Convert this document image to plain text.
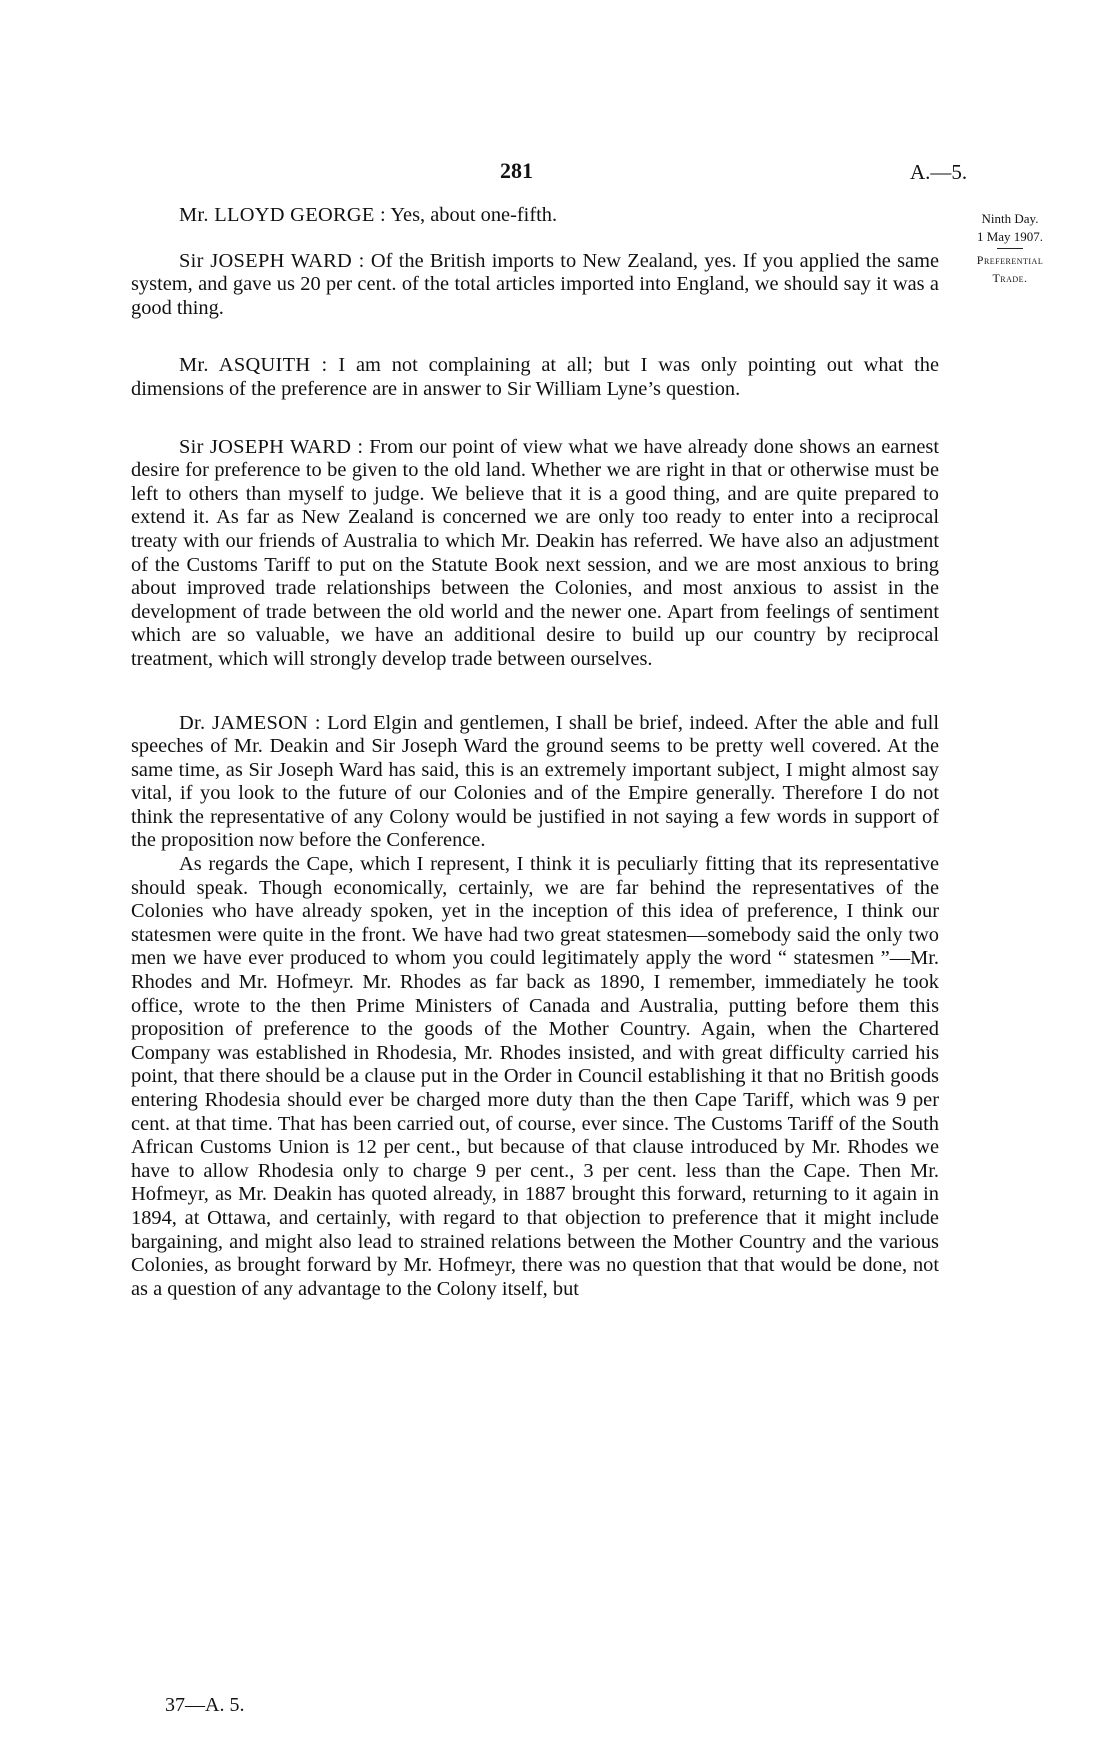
281	A.—5.
Ninth Day.
1 May 1907.
Preferential
Trade.

Mr. LLOYD GEORGE : Yes, about one-fifth.

Sir JOSEPH WARD : Of the British imports to New Zealand, yes. If you applied the same system, and gave us 20 per cent. of the total articles imported into England, we should say it was a good thing.

Mr. ASQUITH : I am not complaining at all; but I was only pointing out what the dimensions of the preference are in answer to Sir William Lyne’s question.

Sir JOSEPH WARD : From our point of view what we have already done shows an earnest desire for preference to be given to the old land. Whether we are right in that or otherwise must be left to others than myself to judge. We believe that it is a good thing, and are quite prepared to extend it. As far as New Zealand is concerned we are only too ready to enter into a reciprocal treaty with our friends of Australia to which Mr. Deakin has referred. We have also an adjustment of the Customs Tariff to put on the Statute Book next session, and we are most anxious to bring about improved trade relationships between the Colonies, and most anxious to assist in the development of trade between the old world and the newer one. Apart from feelings of sentiment which are so valuable, we have an additional desire to build up our country by reciprocal treatment, which will strongly develop trade between ourselves.

Dr. JAMESON : Lord Elgin and gentlemen, I shall be brief, indeed. After the able and full speeches of Mr. Deakin and Sir Joseph Ward the ground seems to be pretty well covered. At the same time, as Sir Joseph Ward has said, this is an extremely important subject, I might almost say vital, if you look to the future of our Colonies and of the Empire generally. Therefore I do not think the representative of any Colony would be justified in not saying a few words in support of the proposition now before the Conference.

As regards the Cape, which I represent, I think it is peculiarly fitting that its representative should speak. Though economically, certainly, we are far behind the representatives of the Colonies who have already spoken, yet in the inception of this idea of preference, I think our statesmen were quite in the front. We have had two great statesmen—somebody said the only two men we have ever produced to whom you could legitimately apply the word “ statesmen ”—Mr. Rhodes and Mr. Hofmeyr. Mr. Rhodes as far back as 1890, I remember, immediately he took office, wrote to the then Prime Ministers of Canada and Australia, putting before them this proposition of preference to the goods of the Mother Country. Again, when the Chartered Company was established in Rhodesia, Mr. Rhodes insisted, and with great difficulty carried his point, that there should be a clause put in the Order in Council establishing it that no British goods entering Rhodesia should ever be charged more duty than the then Cape Tariff, which was 9 per cent. at that time. That has been carried out, of course, ever since. The Customs Tariff of the South African Customs Union is 12 per cent., but because of that clause introduced by Mr. Rhodes we have to allow Rhodesia only to charge 9 per cent., 3 per cent. less than the Cape. Then Mr. Hofmeyr, as Mr. Deakin has quoted already, in 1887 brought this forward, returning to it again in 1894, at Ottawa, and certainly, with regard to that objection to preference that it might include bargaining, and might also lead to strained relations between the Mother Country and the various Colonies, as brought forward by Mr. Hofmeyr, there was no question that that would be done, not as a question of any advantage to the Colony itself, but

37—A. 5.
